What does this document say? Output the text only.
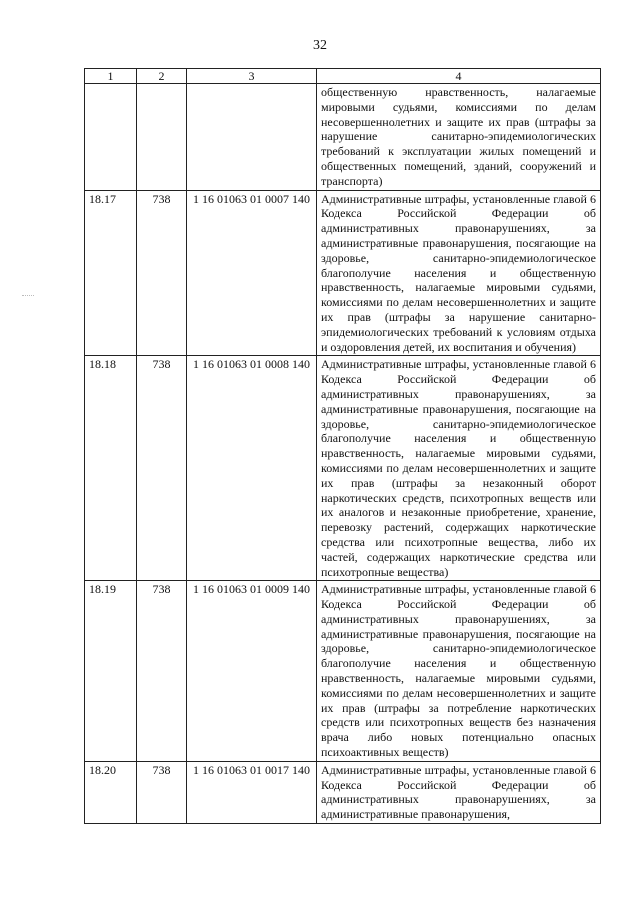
32
1	2	3	4
			общественную нравственность, налагаемые мировыми судьями, комиссиями по делам несовершеннолетних и защите их прав (штрафы за нарушение санитарно-эпидемиологических требований к эксплуатации жилых помещений и общественных помещений, зданий, сооружений и транспорта)
18.17	738	1 16 01063 01 0007 140	Административные штрафы, установленные главой 6 Кодекса Российской Федерации об административных правонарушениях, за административные правонарушения, посягающие на здоровье, санитарно-эпидемиологическое благополучие населения и общественную нравственность, налагаемые мировыми судьями, комиссиями по делам несовершеннолетних и защите их прав (штрафы за нарушение санитарно-эпидемиологических требований к условиям отдыха и оздоровления детей, их воспитания и обучения)
18.18	738	1 16 01063 01 0008 140	Административные штрафы, установленные главой 6 Кодекса Российской Федерации об административных правонарушениях, за административные правонарушения, посягающие на здоровье, санитарно-эпидемиологическое благополучие населения и общественную нравственность, налагаемые мировыми судьями, комиссиями по делам несовершеннолетних и защите их прав (штрафы за незаконный оборот наркотических средств, психотропных веществ или их аналогов и незаконные приобретение, хранение, перевозку растений, содержащих наркотические средства или психотропные вещества, либо их частей, содержащих наркотические средства или психотропные вещества)
18.19	738	1 16 01063 01 0009 140	Административные штрафы, установленные главой 6 Кодекса Российской Федерации об административных правонарушениях, за административные правонарушения, посягающие на здоровье, санитарно-эпидемиологическое благополучие населения и общественную нравственность, налагаемые мировыми судьями, комиссиями по делам несовершеннолетних и защите их прав (штрафы за потребление наркотических средств или психотропных веществ без назначения врача либо новых потенциально опасных психоактивных веществ)
18.20	738	1 16 01063 01 0017 140	Административные штрафы, установленные главой 6 Кодекса Российской Федерации об административных правонарушениях, за административные правонарушения,
